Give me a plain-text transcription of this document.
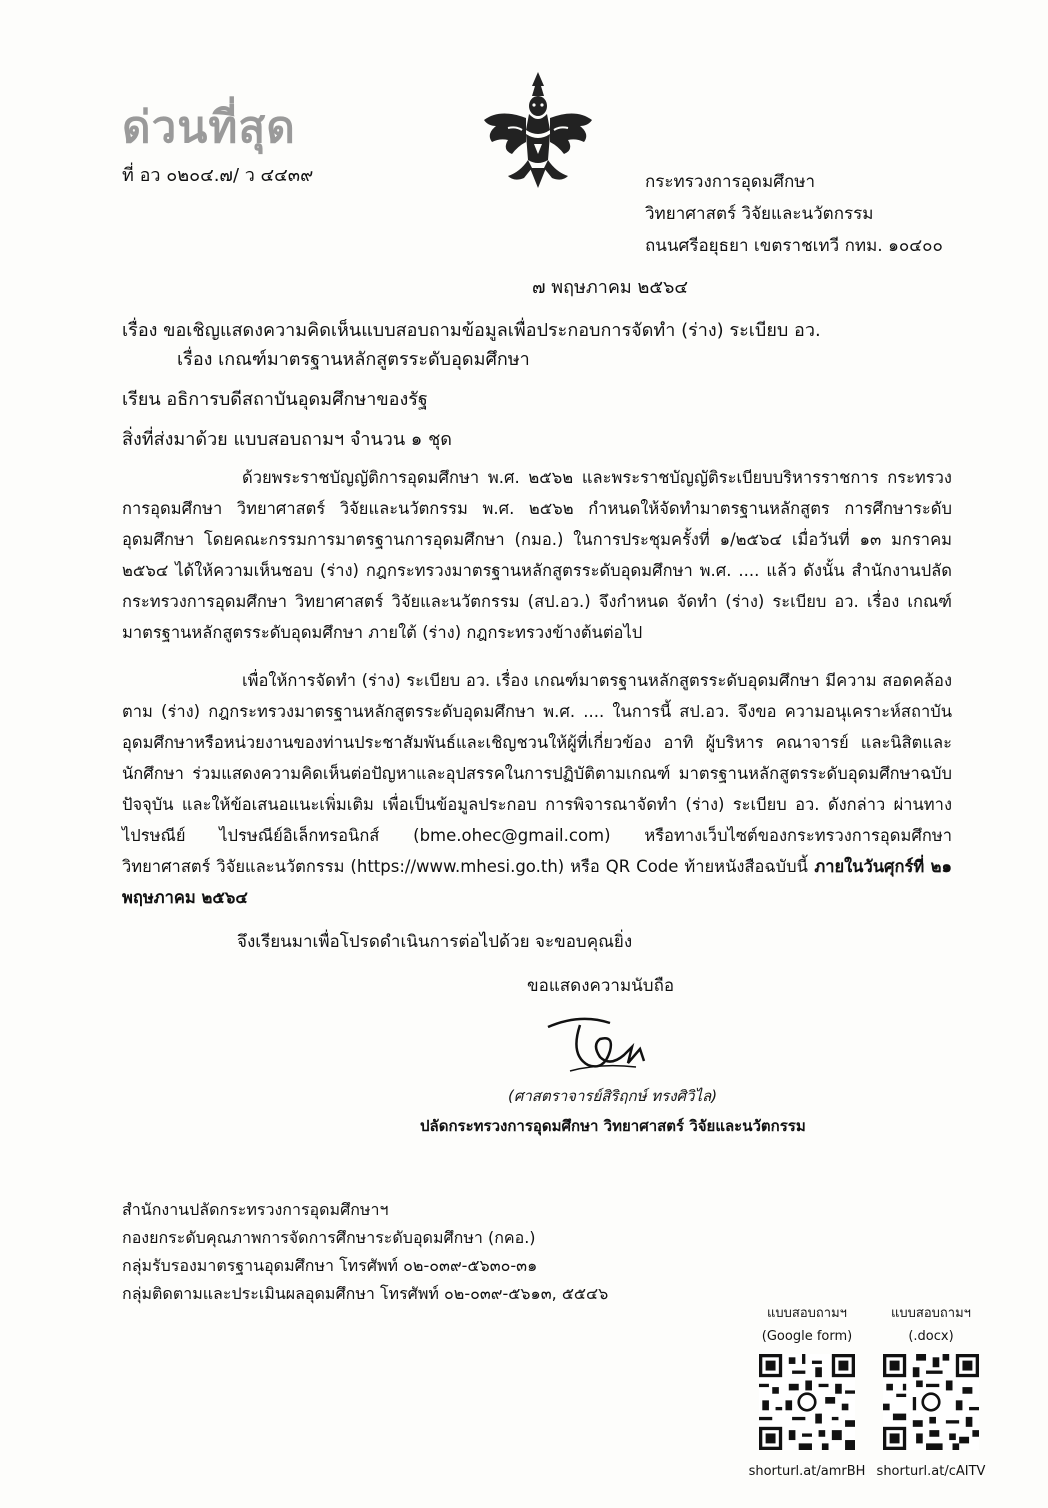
ด่วนที่สุด
ที่ อว ๐๒๐๔.๗/ ว ๔๔๓๙	กระทรวงการอุดมศึกษา
วิทยาศาสตร์ วิจัยและนวัตกรรม
ถนนศรีอยุธยา เขตราชเทวี กทม. ๑๐๔๐๐
๗ พฤษภาคม ๒๕๖๔
เรื่อง ขอเชิญแสดงความคิดเห็นแบบสอบถามข้อมูลเพื่อประกอบการจัดทำ (ร่าง) ระเบียบ อว.
เรื่อง เกณฑ์มาตรฐานหลักสูตรระดับอุดมศึกษา
เรียน อธิการบดีสถาบันอุดมศึกษาของรัฐ
สิ่งที่ส่งมาด้วย แบบสอบถามฯ จำนวน ๑ ชุด
ด้วยพระราชบัญญัติการอุดมศึกษา พ.ศ. ๒๕๖๒ และพระราชบัญญัติระเบียบบริหารราชการ กระทรวงการอุดมศึกษา วิทยาศาสตร์ วิจัยและนวัตกรรม พ.ศ. ๒๕๖๒ กำหนดให้จัดทำมาตรฐานหลักสูตร การศึกษาระดับอุดมศึกษา โดยคณะกรรมการมาตรฐานการอุดมศึกษา (กมอ.) ในการประชุมครั้งที่ ๑/๒๕๖๔ เมื่อวันที่ ๑๓ มกราคม ๒๕๖๔ ได้ให้ความเห็นชอบ (ร่าง) กฎกระทรวงมาตรฐานหลักสูตรระดับอุดมศึกษา พ.ศ. .... แล้ว ดังนั้น สำนักงานปลัดกระทรวงการอุดมศึกษา วิทยาศาสตร์ วิจัยและนวัตกรรม (สป.อว.) จึงกำหนด จัดทำ (ร่าง) ระเบียบ อว. เรื่อง เกณฑ์มาตรฐานหลักสูตรระดับอุดมศึกษา ภายใต้ (ร่าง) กฎกระทรวงข้างต้นต่อไป
เพื่อให้การจัดทำ (ร่าง) ระเบียบ อว. เรื่อง เกณฑ์มาตรฐานหลักสูตรระดับอุดมศึกษา มีความ สอดคล้องตาม (ร่าง) กฎกระทรวงมาตรฐานหลักสูตรระดับอุดมศึกษา พ.ศ. .... ในการนี้ สป.อว. จึงขอ ความอนุเคราะห์สถาบันอุดมศึกษาหรือหน่วยงานของท่านประชาสัมพันธ์และเชิญชวนให้ผู้ที่เกี่ยวข้อง อาทิ ผู้บริหาร คณาจารย์ และนิสิตและนักศึกษา ร่วมแสดงความคิดเห็นต่อปัญหาและอุปสรรคในการปฏิบัติตามเกณฑ์ มาตรฐานหลักสูตรระดับอุดมศึกษาฉบับปัจจุบัน และให้ข้อเสนอแนะเพิ่มเติม เพื่อเป็นข้อมูลประกอบ การพิจารณาจัดทำ (ร่าง) ระเบียบ อว. ดังกล่าว ผ่านทางไปรษณีย์ ไปรษณีย์อิเล็กทรอนิกส์ (bme.ohec@gmail.com) หรือทางเว็บไซต์ของกระทรวงการอุดมศึกษา วิทยาศาสตร์ วิจัยและนวัตกรรม (https://www.mhesi.go.th) หรือ QR Code ท้ายหนังสือฉบับนี้ ภายในวันศุกร์ที่ ๒๑ พฤษภาคม ๒๕๖๔
จึงเรียนมาเพื่อโปรดดำเนินการต่อไปด้วย จะขอบคุณยิ่ง
ขอแสดงความนับถือ
(ศาสตราจารย์สิริฤกษ์ ทรงศิวิไล)
ปลัดกระทรวงการอุดมศึกษา วิทยาศาสตร์ วิจัยและนวัตกรรม
สำนักงานปลัดกระทรวงการอุดมศึกษาฯ
กองยกระดับคุณภาพการจัดการศึกษาระดับอุดมศึกษา (กคอ.)
กลุ่มรับรองมาตรฐานอุดมศึกษา โทรศัพท์ ๐๒-๐๓๙-๕๖๓๐-๓๑
กลุ่มติดตามและประเมินผลอุดมศึกษา โทรศัพท์ ๐๒-๐๓๙-๕๖๑๓, ๕๕๔๖
แบบสอบถามฯ
(Google form)
shorturl.at/amrBH
แบบสอบถามฯ
(.docx)
shorturl.at/cAITV
